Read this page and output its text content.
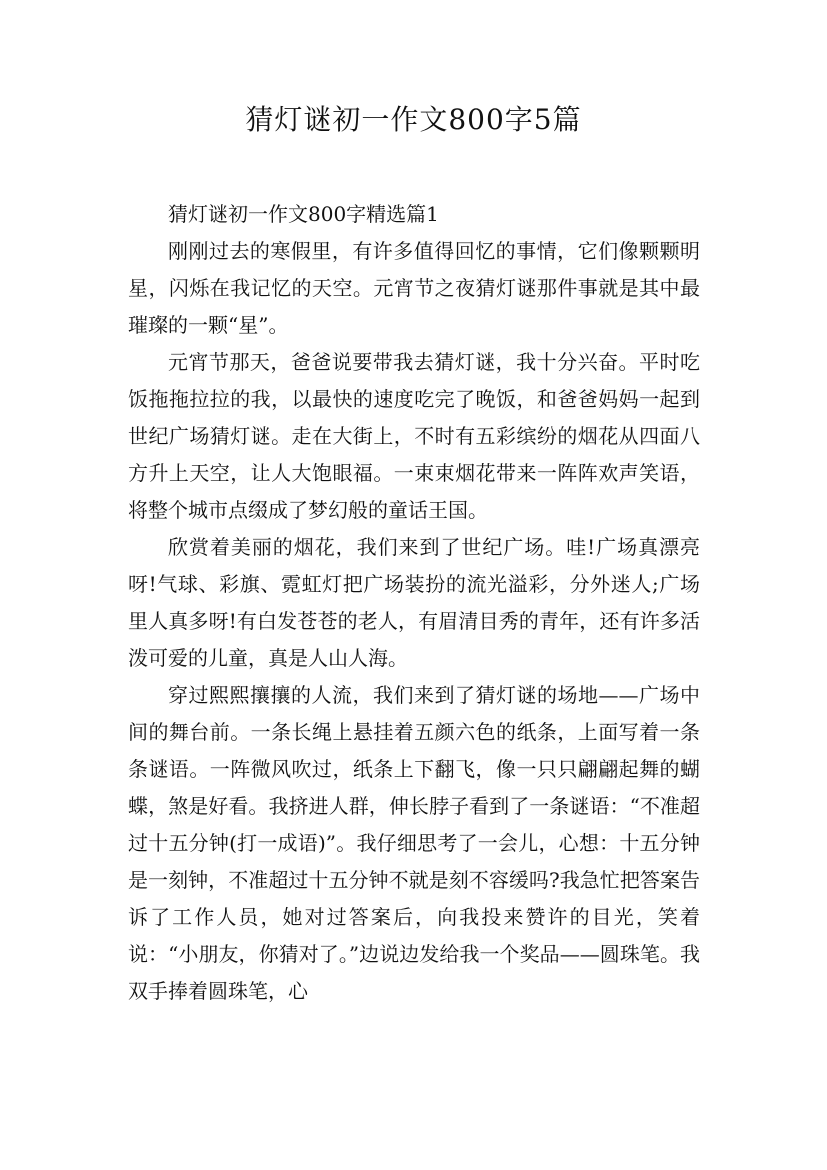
猜灯谜初一作文800字5篇

猜灯谜初一作文800字精选篇1

刚刚过去的寒假里，有许多值得回忆的事情，它们像颗颗明星，闪烁在我记忆的天空。元宵节之夜猜灯谜那件事就是其中最璀璨的一颗“星”。

元宵节那天，爸爸说要带我去猜灯谜，我十分兴奋。平时吃饭拖拖拉拉的我，以最快的速度吃完了晚饭，和爸爸妈妈一起到世纪广场猜灯谜。走在大街上，不时有五彩缤纷的烟花从四面八方升上天空，让人大饱眼福。一束束烟花带来一阵阵欢声笑语，将整个城市点缀成了梦幻般的童话王国。

欣赏着美丽的烟花，我们来到了世纪广场。哇!广场真漂亮呀!气球、彩旗、霓虹灯把广场装扮的流光溢彩，分外迷人;广场里人真多呀!有白发苍苍的老人，有眉清目秀的青年，还有许多活泼可爱的儿童，真是人山人海。

穿过熙熙攘攘的人流，我们来到了猜灯谜的场地——广场中间的舞台前。一条长绳上悬挂着五颜六色的纸条，上面写着一条条谜语。一阵微风吹过，纸条上下翻飞，像一只只翩翩起舞的蝴蝶，煞是好看。我挤进人群，伸长脖子看到了一条谜语：“不准超过十五分钟(打一成语)”。我仔细思考了一会儿，心想：十五分钟是一刻钟，不准超过十五分钟不就是刻不容缓吗?我急忙把答案告诉了工作人员，她对过答案后，向我投来赞许的目光，笑着说：“小朋友，你猜对了。”边说边发给我一个奖品——圆珠笔。我双手捧着圆珠笔，心
